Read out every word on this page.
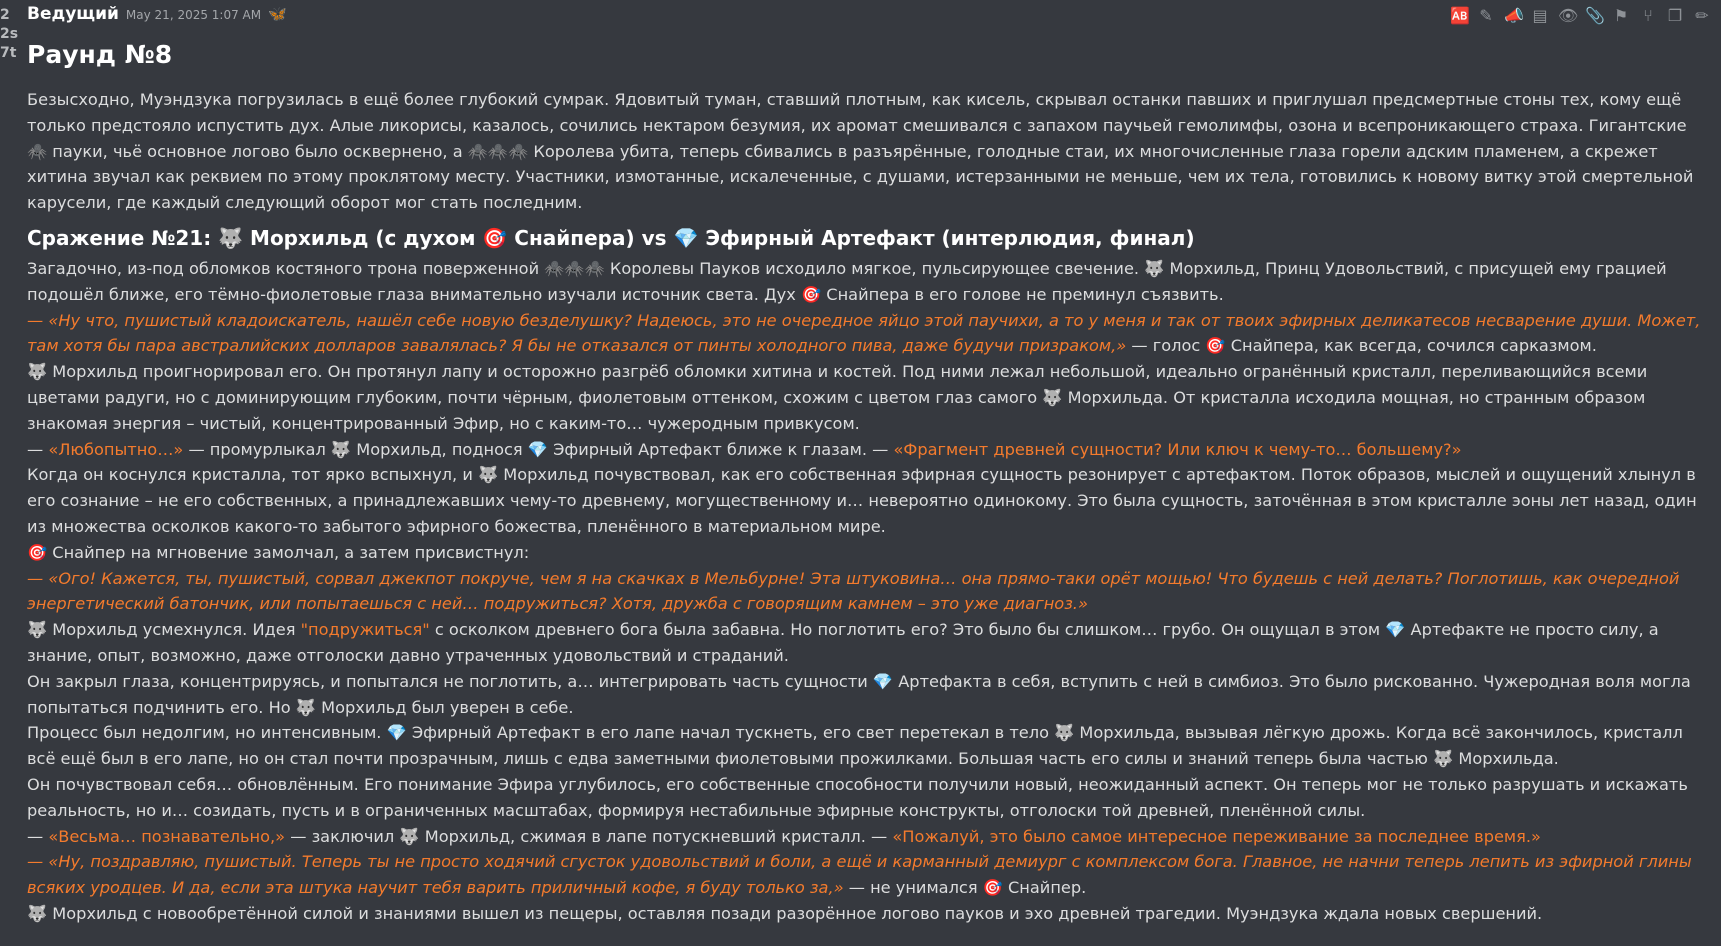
2
2s
7t
🆎 ✎ 📣 ▤ 👁 📎 ⚑ ⑂ ❐ ✏
Ведущий May 21, 2025 1:07 AM 🦋
Раунд №8

Безысходно, Муэндзука погрузилась в ещё более глубокий сумрак. Ядовитый туман, ставший плотным, как кисель, скрывал останки павших и приглушал предсмертные стоны тех, кому ещё только предстояло испустить дух. Алые ликорисы, казалось, сочились нектаром безумия, их аромат смешивался с запахом паучьей гемолимфы, озона и всепроникающего страха. Гигантские 🕷️ пауки, чьё основное логово было осквернено, а 🕷️🕷️🕷️ Королева убита, теперь сбивались в разъярённые, голодные стаи, их многочисленные глаза горели адским пламенем, а скрежет хитина звучал как реквием по этому проклятому месту. Участники, измотанные, искалеченные, с душами, истерзанными не меньше, чем их тела, готовились к новому витку этой смертельной карусели, где каждый следующий оборот мог стать последним.

Сражение №21: 🐺 Морхильд (с духом 🎯 Снайпера) vs 💎 Эфирный Артефакт (интерлюдия, финал)

Загадочно, из-под обломков костяного трона поверженной 🕷️🕷️🕷️ Королевы Пауков исходило мягкое, пульсирующее свечение. 🐺 Морхильд, Принц Удовольствий, с присущей ему грацией подошёл ближе, его тёмно-фиолетовые глаза внимательно изучали источник света. Дух 🎯 Снайпера в его голове не преминул съязвить.

— «Ну что, пушистый кладоискатель, нашёл себе новую безделушку? Надеюсь, это не очередное яйцо этой паучихи, а то у меня и так от твоих эфирных деликатесов несварение души. Может, там хотя бы пара австралийских долларов завалялась? Я бы не отказался от пинты холодного пива, даже будучи призраком,» — голос 🎯 Снайпера, как всегда, сочился сарказмом.

🐺 Морхильд проигнорировал его. Он протянул лапу и осторожно разгрёб обломки хитина и костей. Под ними лежал небольшой, идеально огранённый кристалл, переливающийся всеми цветами радуги, но с доминирующим глубоким, почти чёрным, фиолетовым оттенком, схожим с цветом глаз самого 🐺 Морхильда. От кристалла исходила мощная, но странным образом знакомая энергия – чистый, концентрированный Эфир, но с каким-то… чужеродным привкусом.

— «Любопытно…» — промурлыкал 🐺 Морхильд, поднося 💎 Эфирный Артефакт ближе к глазам. — «Фрагмент древней сущности? Или ключ к чему-то… большему?»

Когда он коснулся кристалла, тот ярко вспыхнул, и 🐺 Морхильд почувствовал, как его собственная эфирная сущность резонирует с артефактом. Поток образов, мыслей и ощущений хлынул в его сознание – не его собственных, а принадлежавших чему-то древнему, могущественному и… невероятно одинокому. Это была сущность, заточённая в этом кристалле эоны лет назад, один из множества осколков какого-то забытого эфирного божества, пленённого в материальном мире.

🎯 Снайпер на мгновение замолчал, а затем присвистнул:

— «Ого! Кажется, ты, пушистый, сорвал джекпот покруче, чем я на скачках в Мельбурне! Эта штуковина… она прямо-таки орёт мощью! Что будешь с ней делать? Поглотишь, как очередной энергетический батончик, или попытаешься с ней… подружиться? Хотя, дружба с говорящим камнем – это уже диагноз.»

🐺 Морхильд усмехнулся. Идея "подружиться" с осколком древнего бога была забавна. Но поглотить его? Это было бы слишком… грубо. Он ощущал в этом 💎 Артефакте не просто силу, а знание, опыт, возможно, даже отголоски давно утраченных удовольствий и страданий.

Он закрыл глаза, концентрируясь, и попытался не поглотить, а… интегрировать часть сущности 💎 Артефакта в себя, вступить с ней в симбиоз. Это было рискованно. Чужеродная воля могла попытаться подчинить его. Но 🐺 Морхильд был уверен в себе.

Процесс был недолгим, но интенсивным. 💎 Эфирный Артефакт в его лапе начал тускнеть, его свет перетекал в тело 🐺 Морхильда, вызывая лёгкую дрожь. Когда всё закончилось, кристалл всё ещё был в его лапе, но он стал почти прозрачным, лишь с едва заметными фиолетовыми прожилками. Большая часть его силы и знаний теперь была частью 🐺 Морхильда.

Он почувствовал себя… обновлённым. Его понимание Эфира углубилось, его собственные способности получили новый, неожиданный аспект. Он теперь мог не только разрушать и искажать реальность, но и… созидать, пусть и в ограниченных масштабах, формируя нестабильные эфирные конструкты, отголоски той древней, пленённой силы.

— «Весьма… познавательно,» — заключил 🐺 Морхильд, сжимая в лапе потускневший кристалл. — «Пожалуй, это было самое интересное переживание за последнее время.»

— «Ну, поздравляю, пушистый. Теперь ты не просто ходячий сгусток удовольствий и боли, а ещё и карманный демиург с комплексом бога. Главное, не начни теперь лепить из эфирной глины всяких уродцев. И да, если эта штука научит тебя варить приличный кофе, я буду только за,» — не унимался 🎯 Снайпер.

🐺 Морхильд с новообретённой силой и знаниями вышел из пещеры, оставляя позади разорённое логово пауков и эхо древней трагедии. Муэндзука ждала новых свершений.
